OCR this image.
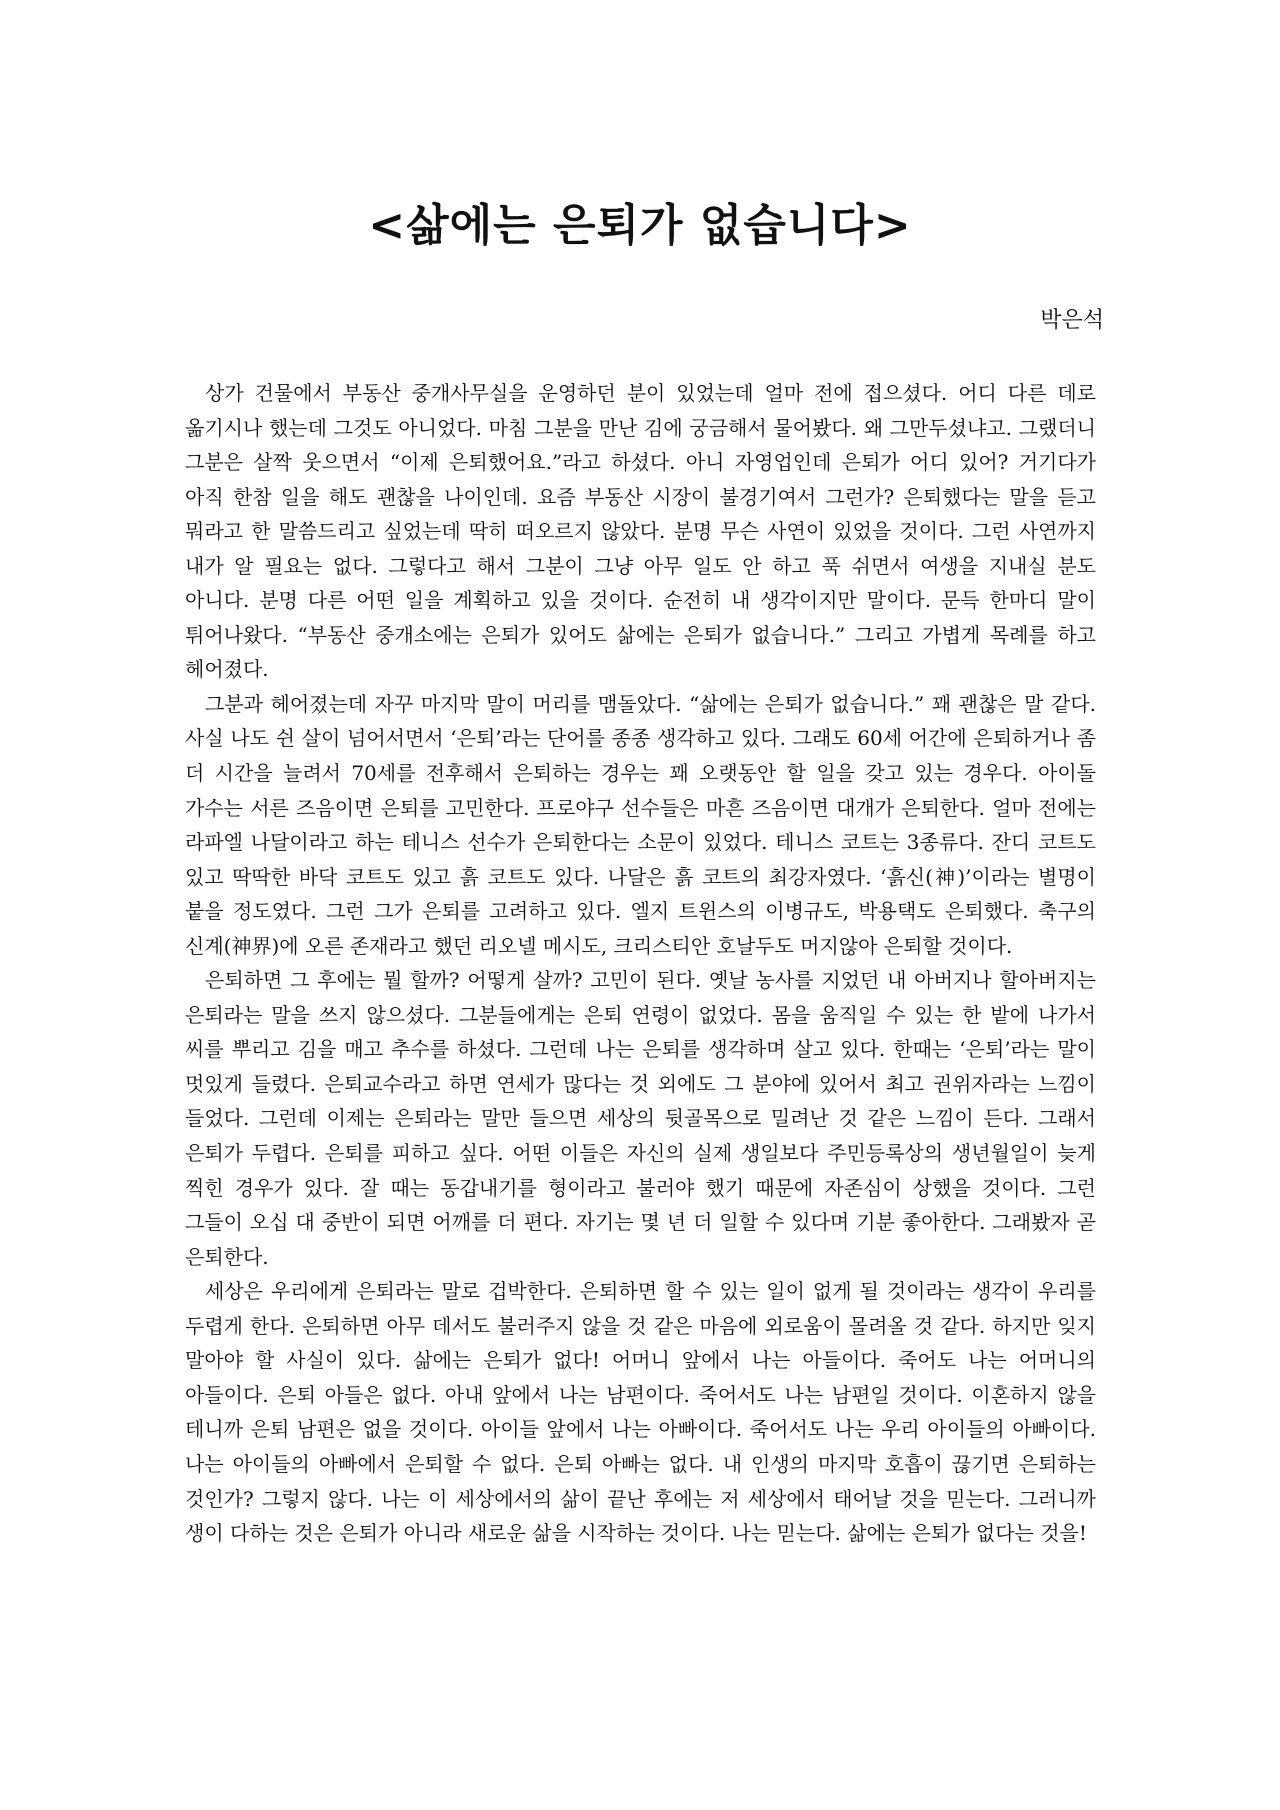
<삶에는 은퇴가 없습니다>

박은석

상가 건물에서 부동산 중개사무실을 운영하던 분이 있었는데 얼마 전에 접으셨다. 어디 다른 데로 옮기시나 했는데 그것도 아니었다. 마침 그분을 만난 김에 궁금해서 물어봤다. 왜 그만두셨냐고. 그랬더니 그분은 살짝 웃으면서 “이제 은퇴했어요.”라고 하셨다. 아니 자영업인데 은퇴가 어디 있어? 거기다가 아직 한참 일을 해도 괜찮을 나이인데. 요즘 부동산 시장이 불경기여서 그런가? 은퇴했다는 말을 듣고 뭐라고 한 말씀드리고 싶었는데 딱히 떠오르지 않았다. 분명 무슨 사연이 있었을 것이다. 그런 사연까지 내가 알 필요는 없다. 그렇다고 해서 그분이 그냥 아무 일도 안 하고 푹 쉬면서 여생을 지내실 분도 아니다. 분명 다른 어떤 일을 계획하고 있을 것이다. 순전히 내 생각이지만 말이다. 문득 한마디 말이 튀어나왔다. “부동산 중개소에는 은퇴가 있어도 삶에는 은퇴가 없습니다.” 그리고 가볍게 목례를 하고 헤어졌다.

그분과 헤어졌는데 자꾸 마지막 말이 머리를 맴돌았다. “삶에는 은퇴가 없습니다.” 꽤 괜찮은 말 같다. 사실 나도 쉰 살이 넘어서면서 ‘은퇴’라는 단어를 종종 생각하고 있다. 그래도 60세 어간에 은퇴하거나 좀 더 시간을 늘려서 70세를 전후해서 은퇴하는 경우는 꽤 오랫동안 할 일을 갖고 있는 경우다. 아이돌 가수는 서른 즈음이면 은퇴를 고민한다. 프로야구 선수들은 마흔 즈음이면 대개가 은퇴한다. 얼마 전에는 라파엘 나달이라고 하는 테니스 선수가 은퇴한다는 소문이 있었다. 테니스 코트는 3종류다. 잔디 코트도 있고 딱딱한 바닥 코트도 있고 흙 코트도 있다. 나달은 흙 코트의 최강자였다. ‘흙신(神)’이라는 별명이 붙을 정도였다. 그런 그가 은퇴를 고려하고 있다. 엘지 트윈스의 이병규도, 박용택도 은퇴했다. 축구의 신계(神界)에 오른 존재라고 했던 리오넬 메시도, 크리스티안 호날두도 머지않아 은퇴할 것이다.

은퇴하면 그 후에는 뭘 할까? 어떻게 살까? 고민이 된다. 옛날 농사를 지었던 내 아버지나 할아버지는 은퇴라는 말을 쓰지 않으셨다. 그분들에게는 은퇴 연령이 없었다. 몸을 움직일 수 있는 한 밭에 나가서 씨를 뿌리고 김을 매고 추수를 하셨다. 그런데 나는 은퇴를 생각하며 살고 있다. 한때는 ‘은퇴’라는 말이 멋있게 들렸다. 은퇴교수라고 하면 연세가 많다는 것 외에도 그 분야에 있어서 최고 권위자라는 느낌이 들었다. 그런데 이제는 은퇴라는 말만 들으면 세상의 뒷골목으로 밀려난 것 같은 느낌이 든다. 그래서 은퇴가 두렵다. 은퇴를 피하고 싶다. 어떤 이들은 자신의 실제 생일보다 주민등록상의 생년월일이 늦게 찍힌 경우가 있다. 잘 때는 동갑내기를 형이라고 불러야 했기 때문에 자존심이 상했을 것이다. 그런 그들이 오십 대 중반이 되면 어깨를 더 편다. 자기는 몇 년 더 일할 수 있다며 기분 좋아한다. 그래봤자 곧 은퇴한다.

세상은 우리에게 은퇴라는 말로 겁박한다. 은퇴하면 할 수 있는 일이 없게 될 것이라는 생각이 우리를 두렵게 한다. 은퇴하면 아무 데서도 불러주지 않을 것 같은 마음에 외로움이 몰려올 것 같다. 하지만 잊지 말아야 할 사실이 있다. 삶에는 은퇴가 없다! 어머니 앞에서 나는 아들이다. 죽어도 나는 어머니의 아들이다. 은퇴 아들은 없다. 아내 앞에서 나는 남편이다. 죽어서도 나는 남편일 것이다. 이혼하지 않을 테니까 은퇴 남편은 없을 것이다. 아이들 앞에서 나는 아빠이다. 죽어서도 나는 우리 아이들의 아빠이다. 나는 아이들의 아빠에서 은퇴할 수 없다. 은퇴 아빠는 없다. 내 인생의 마지막 호흡이 끊기면 은퇴하는 것인가? 그렇지 않다. 나는 이 세상에서의 삶이 끝난 후에는 저 세상에서 태어날 것을 믿는다. 그러니까 생이 다하는 것은 은퇴가 아니라 새로운 삶을 시작하는 것이다. 나는 믿는다. 삶에는 은퇴가 없다는 것을!
